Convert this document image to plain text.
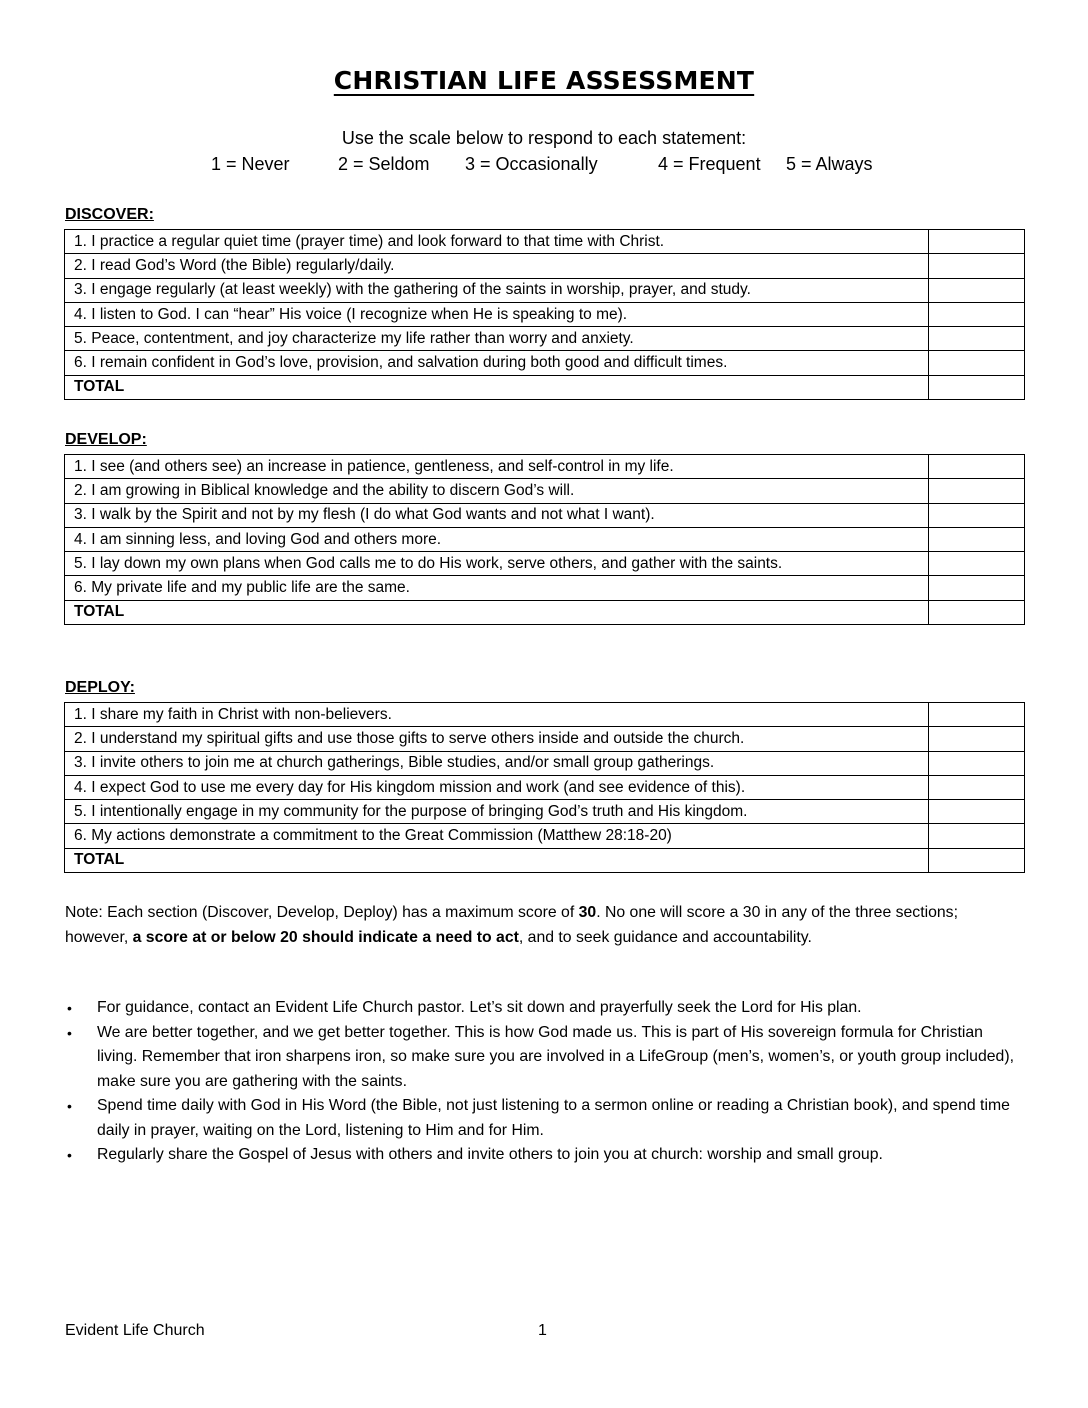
CHRISTIAN LIFE ASSESSMENT
Use the scale below to respond to each statement:
1 = Never	2 = Seldom 3 = Occasionally	4 = Frequent 5 = Always
DISCOVER:
1. I practice a regular quiet time (prayer time) and look forward to that time with Christ.	
2. I read God’s Word (the Bible) regularly/daily.	
3. I engage regularly (at least weekly) with the gathering of the saints in worship, prayer, and study.	
4. I listen to God. I can “hear” His voice (I recognize when He is speaking to me).	
5. Peace, contentment, and joy characterize my life rather than worry and anxiety.	
6. I remain confident in God’s love, provision, and salvation during both good and difficult times.	
TOTAL	
DEVELOP:
1. I see (and others see) an increase in patience, gentleness, and self-control in my life.	
2. I am growing in Biblical knowledge and the ability to discern God’s will.	
3. I walk by the Spirit and not by my flesh (I do what God wants and not what I want).	
4. I am sinning less, and loving God and others more.	
5. I lay down my own plans when God calls me to do His work, serve others, and gather with the saints.	
6. My private life and my public life are the same.	
TOTAL	
DEPLOY:
1. I share my faith in Christ with non-believers.	
2. I understand my spiritual gifts and use those gifts to serve others inside and outside the church.	
3. I invite others to join me at church gatherings, Bible studies, and/or small group gatherings.	
4. I expect God to use me every day for His kingdom mission and work (and see evidence of this).	
5. I intentionally engage in my community for the purpose of bringing God’s truth and His kingdom.	
6. My actions demonstrate a commitment to the Great Commission (Matthew 28:18-20)	
TOTAL	
Note: Each section (Discover, Develop, Deploy) has a maximum score of 30. No one will score a 30 in any of the three sections; however, a score at or below 20 should indicate a need to act, and to seek guidance and accountability.
• For guidance, contact an Evident Life Church pastor. Let’s sit down and prayerfully seek the Lord for His plan.
• We are better together, and we get better together. This is how God made us. This is part of His sovereign formula for Christian living. Remember that iron sharpens iron, so make sure you are involved in a LifeGroup (men’s, women’s, or youth group included), make sure you are gathering with the saints.
• Spend time daily with God in His Word (the Bible, not just listening to a sermon online or reading a Christian book), and spend time daily in prayer, waiting on the Lord, listening to Him and for Him.
• Regularly share the Gospel of Jesus with others and invite others to join you at church: worship and small group.
Evident Life Church	1
